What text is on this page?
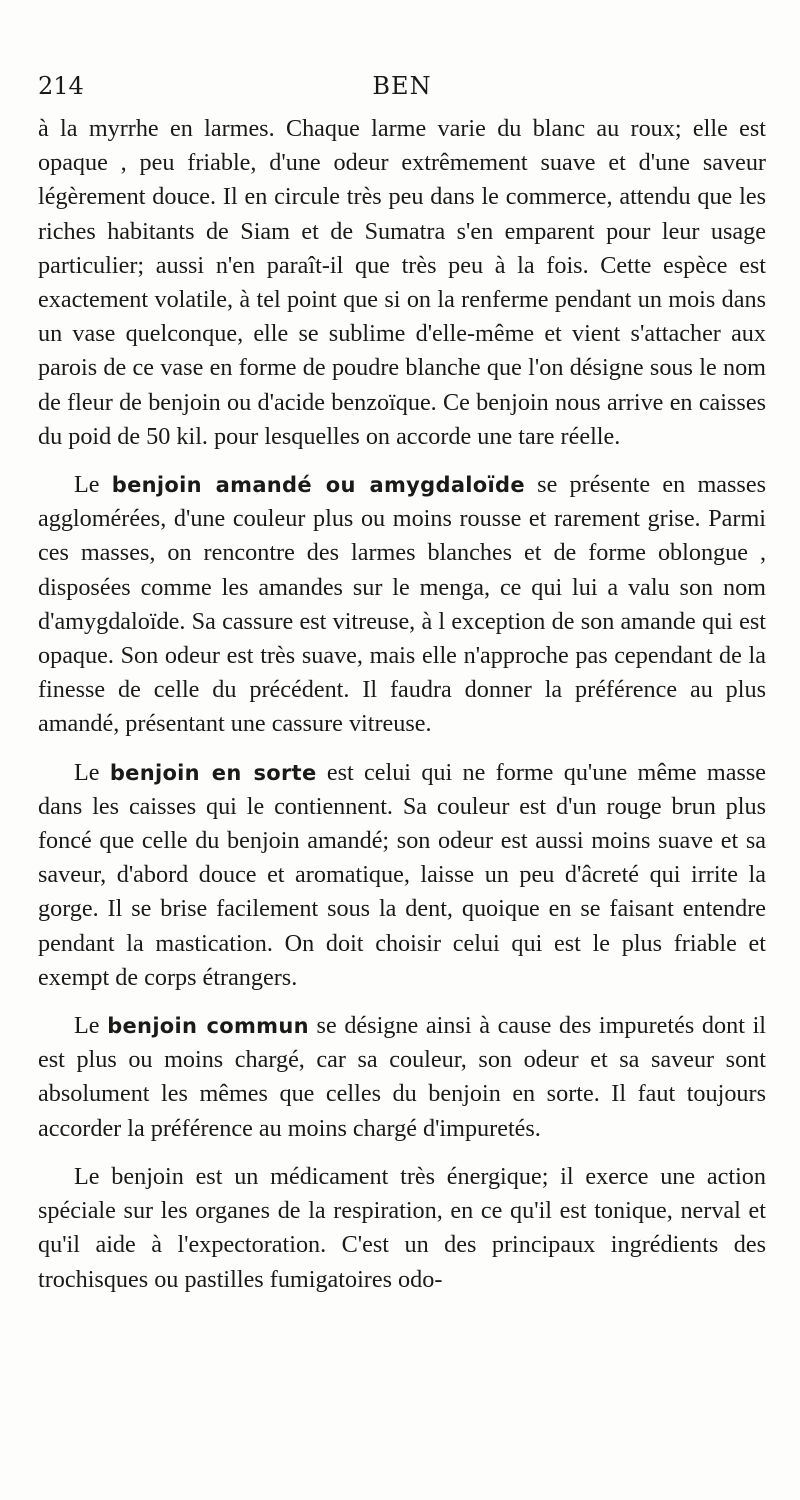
214	BEN

à la myrrhe en larmes. Chaque larme varie du blanc au roux; elle est opaque , peu friable, d'une odeur extrêmement suave et d'une saveur légèrement douce. Il en circule très peu dans le commerce, attendu que les riches habitants de Siam et de Sumatra s'en emparent pour leur usage particulier; aussi n'en paraît-il que très peu à la fois. Cette espèce est exactement volatile, à tel point que si on la renferme pendant un mois dans un vase quelconque, elle se sublime d'elle-même et vient s'attacher aux parois de ce vase en forme de poudre blanche que l'on désigne sous le nom de fleur de benjoin ou d'acide benzoïque. Ce benjoin nous arrive en caisses du poid de 50 kil. pour lesquelles on accorde une tare réelle.

Le benjoin amandé ou amygdaloïde se présente en masses agglomérées, d'une couleur plus ou moins rousse et rarement grise. Parmi ces masses, on rencontre des larmes blanches et de forme oblongue , disposées comme les amandes sur le menga, ce qui lui a valu son nom d'amygdaloïde. Sa cassure est vitreuse, à l exception de son amande qui est opaque. Son odeur est très suave, mais elle n'approche pas cependant de la finesse de celle du précédent. Il faudra donner la préférence au plus amandé, présentant une cassure vitreuse.

Le benjoin en sorte est celui qui ne forme qu'une même masse dans les caisses qui le contiennent. Sa couleur est d'un rouge brun plus foncé que celle du benjoin amandé; son odeur est aussi moins suave et sa saveur, d'abord douce et aromatique, laisse un peu d'âcreté qui irrite la gorge. Il se brise facilement sous la dent, quoique en se faisant entendre pendant la mastication. On doit choisir celui qui est le plus friable et exempt de corps étrangers.

Le benjoin commun se désigne ainsi à cause des impuretés dont il est plus ou moins chargé, car sa couleur, son odeur et sa saveur sont absolument les mêmes que celles du benjoin en sorte. Il faut toujours accorder la préférence au moins chargé d'impuretés.

Le benjoin est un médicament très énergique; il exerce une action spéciale sur les organes de la respiration, en ce qu'il est tonique, nerval et qu'il aide à l'expectoration. C'est un des principaux ingrédients des trochisques ou pastilles fumigatoires odo-
